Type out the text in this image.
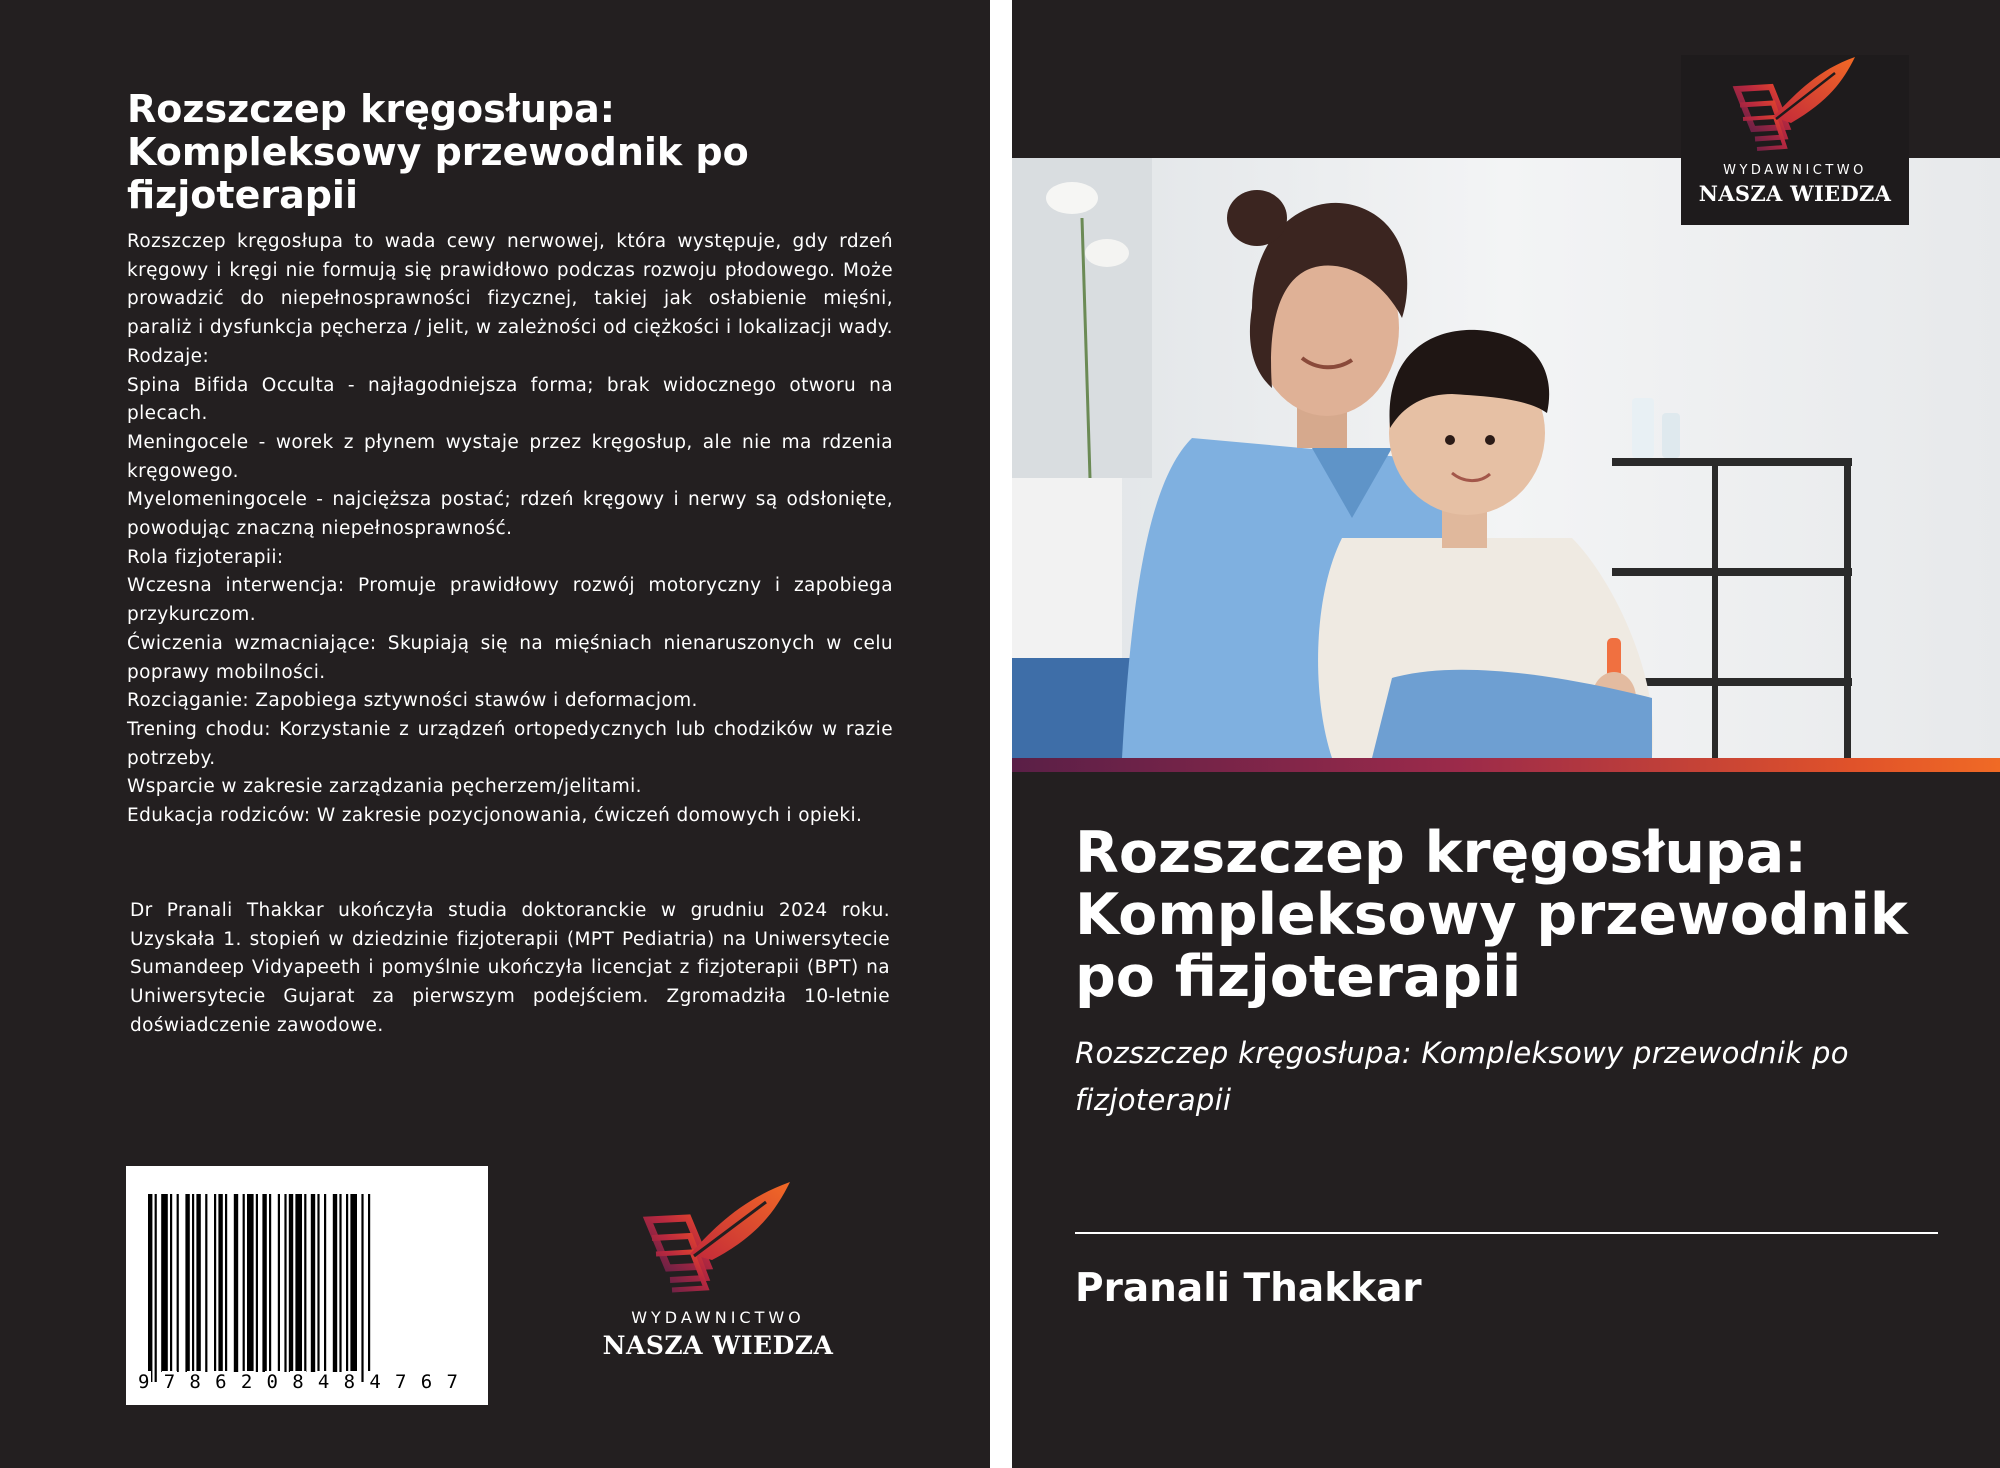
Rozszczep kręgosłupa: Kompleksowy przewodnik po fizjoterapii

Rozszczep kręgosłupa to wada cewy nerwowej, która występuje, gdy rdzeń kręgowy i kręgi nie formują się prawidłowo podczas rozwoju płodowego. Może prowadzić do niepełnosprawności fizycznej, takiej jak osłabienie mięśni, paraliż i dysfunkcja pęcherza / jelit, w zależności od ciężkości i lokalizacji wady.

Rodzaje:

Spina Bifida Occulta - najłagodniejsza forma; brak widocznego otworu na plecach.

Meningocele - worek z płynem wystaje przez kręgosłup, ale nie ma rdzenia kręgowego.

Myelomeningocele - najcięższa postać; rdzeń kręgowy i nerwy są odsłonięte, powodując znaczną niepełnosprawność.

Rola fizjoterapii:

Wczesna interwencja: Promuje prawidłowy rozwój motoryczny i zapobiega przykurczom.

Ćwiczenia wzmacniające: Skupiają się na mięśniach nienaruszonych w celu poprawy mobilności.

Rozciąganie: Zapobiega sztywności stawów i deformacjom.

Trening chodu: Korzystanie z urządzeń ortopedycznych lub chodzików w razie potrzeby.

Wsparcie w zakresie zarządzania pęcherzem/jelitami.

Edukacja rodziców: W zakresie pozycjonowania, ćwiczeń domowych i opieki.

Dr Pranali Thakkar ukończyła studia doktoranckie w grudniu 2024 roku. Uzyskała 1. stopień w dziedzinie fizjoterapii (MPT Pediatria) na Uniwersytecie Sumandeep Vidyapeeth i pomyślnie ukończyła licencjat z fizjoterapii (BPT) na Uniwersytecie Gujarat za pierwszym podejściem. Zgromadziła 10-letnie doświadczenie zawodowe.

9 7 8 6 2 0 8 4 8 4 7 6 7
WYDAWNICTWO
NASZA WIEDZA
WYDAWNICTWO
NASZA WIEDZA
Rozszczep kręgosłupa: Kompleksowy przewodnik po fizjoterapii

Rozszczep kręgosłupa: Kompleksowy przewodnik po fizjoterapii

Pranali Thakkar
